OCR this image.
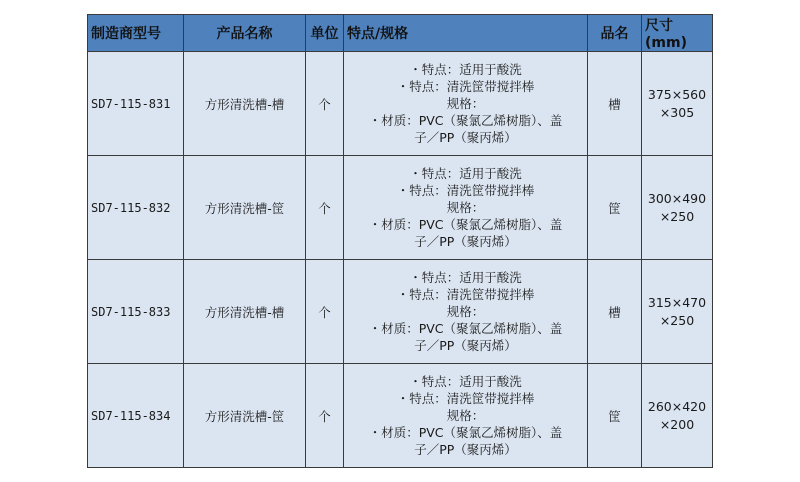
制造商型号	产品名称	单位	特点/规格	品名	尺寸(mm)
SD7-115-831	方形清洗槽-槽	个	・特点：适用于酸洗
・特点：清洗筐带搅拌棒
规格：
・材质：PVC（聚氯乙烯树脂）、盖
子／PP（聚丙烯）	槽	375×560
×305

SD7-115-832	方形清洗槽-筐	个	・特点：适用于酸洗
・特点：清洗筐带搅拌棒
规格：
・材质：PVC（聚氯乙烯树脂）、盖
子／PP（聚丙烯）	筐	300×490
×250

SD7-115-833	方形清洗槽-槽	个	・特点：适用于酸洗
・特点：清洗筐带搅拌棒
规格：
・材质：PVC（聚氯乙烯树脂）、盖
子／PP（聚丙烯）	槽	315×470
×250

SD7-115-834	方形清洗槽-筐	个	・特点：适用于酸洗
・特点：清洗筐带搅拌棒
规格：
・材质：PVC（聚氯乙烯树脂）、盖
子／PP（聚丙烯）	筐	260×420
×200
